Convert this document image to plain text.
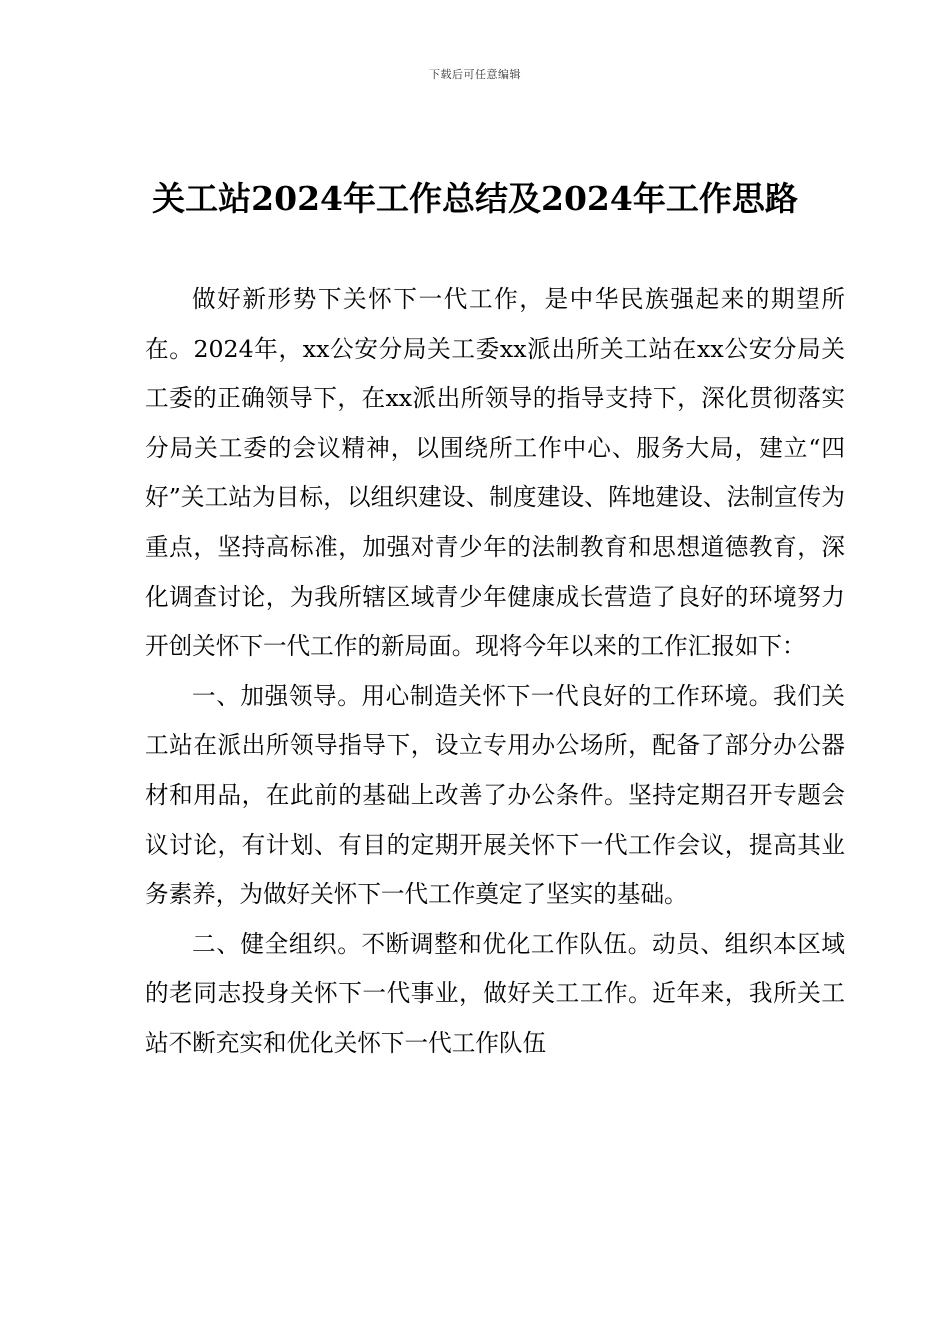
下载后可任意编辑
关工站2024年工作总结及2024年工作思路

做好新形势下关怀下一代工作，是中华民族强起来的期望所在。2024年，xx公安分局关工委xx派出所关工站在xx公安分局关工委的正确领导下，在xx派出所领导的指导支持下，深化贯彻落实分局关工委的会议精神，以围绕所工作中心、服务大局，建立“四好”关工站为目标，以组织建设、制度建设、阵地建设、法制宣传为重点，坚持高标准，加强对青少年的法制教育和思想道德教育，深化调查讨论，为我所辖区域青少年健康成长营造了良好的环境努力开创关怀下一代工作的新局面。现将今年以来的工作汇报如下：

一、加强领导。用心制造关怀下一代良好的工作环境。我们关工站在派出所领导指导下，设立专用办公场所，配备了部分办公器材和用品，在此前的基础上改善了办公条件。坚持定期召开专题会议讨论，有计划、有目的定期开展关怀下一代工作会议，提高其业务素养，为做好关怀下一代工作奠定了坚实的基础。

二、健全组织。不断调整和优化工作队伍。动员、组织本区域的老同志投身关怀下一代事业，做好关工工作。近年来，我所关工站不断充实和优化关怀下一代工作队伍
